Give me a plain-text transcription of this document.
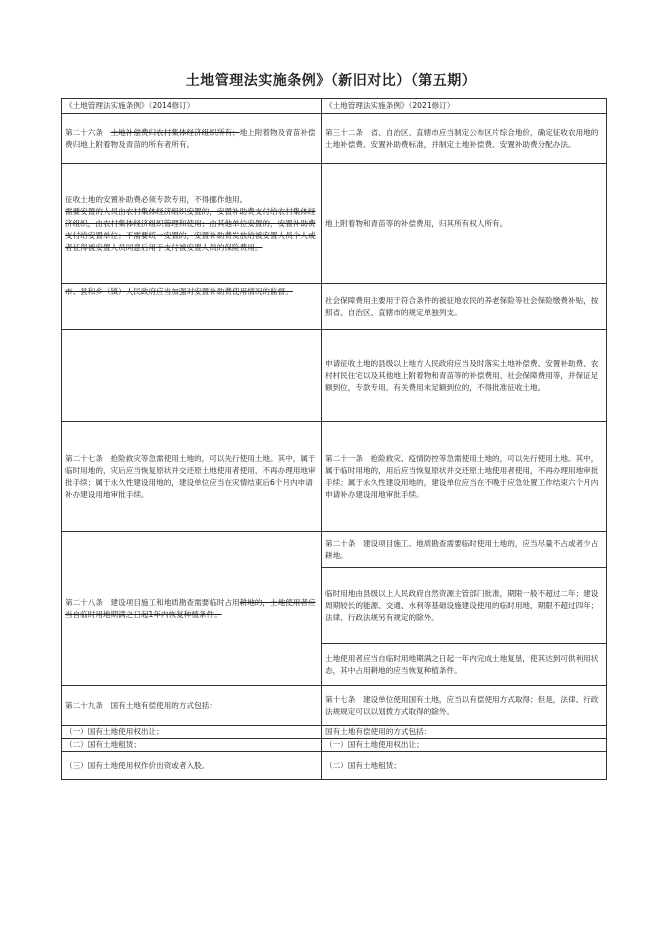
土地管理法实施条例》（新旧对比）（第五期）
《土地管理法实施条例》（2014修订）	《土地管理法实施条例》（2021修订）
第二十六条　土地补偿费归农村集体经济组织所有；地上附着物及青苗补偿费归地上附着物及青苗的所有者所有。	第三十二条　省、自治区、直辖市应当制定公布区片综合地价，确定征收农用地的土地补偿费、安置补助费标准，并制定土地补偿费、安置补助费分配办法。

征收土地的安置补助费必须专款专用，不得挪作他用。
需要安置的人员由农村集体经济组织安置的，安置补助费支付给农村集体经济组织，由农村集体经济组织管理和使用；由其他单位安置的，安置补助费支付给安置单位；不需要统一安置的，安置补助费发放给被安置人员个人或者征得被安置人员同意后用于支付被安置人员的保险费用。	地上附着物和青苗等的补偿费用，归其所有权人所有。
市、县和乡（镇）人民政府应当加强对安置补助费使用情况的监督。	社会保障费用主要用于符合条件的被征地农民的养老保险等社会保险缴费补贴，按照省、自治区、直辖市的规定单独列支。
	申请征收土地的县级以上地方人民政府应当及时落实土地补偿费、安置补助费、农村村民住宅以及其他地上附着物和青苗等的补偿费用、社会保障费用等，并保证足额到位，专款专用。有关费用未足额到位的，不得批准征收土地。
第二十七条　抢险救灾等急需使用土地的，可以先行使用土地。其中，属于临时用地的，灾后应当恢复原状并交还原土地使用者使用，不再办理用地审批手续；属于永久性建设用地的，建设单位应当在灾情结束后6个月内申请补办建设用地审批手续。	第二十一条　抢险救灾、疫情防控等急需使用土地的，可以先行使用土地。其中，属于临时用地的，用后应当恢复原状并交还原土地使用者使用，不再办理用地审批手续；属于永久性建设用地的，建设单位应当在不晚于应急处置工作结束六个月内申请补办建设用地审批手续。
第二十八条　建设项目施工和地质勘查需要临时占用耕地的，土地使用者应当自临时用地期满之日起1年内恢复种植条件。	第二十条　建设项目施工、地质勘查需要临时使用土地的，应当尽量不占或者少占耕地。
	临时用地由县级以上人民政府自然资源主管部门批准，期限一般不超过二年；建设周期较长的能源、交通、水利等基础设施建设使用的临时用地，期限不超过四年；法律、行政法规另有规定的除外。
	土地使用者应当自临时用地期满之日起一年内完成土地复垦，使其达到可供利用状态，其中占用耕地的应当恢复种植条件。
第二十九条　国有土地有偿使用的方式包括：	第十七条　建设单位使用国有土地，应当以有偿使用方式取得；但是，法律、行政法规规定可以以划拨方式取得的除外。
（一）国有土地使用权出让；	国有土地有偿使用的方式包括：
（二）国有土地租赁；	（一）国有土地使用权出让；
（三）国有土地使用权作价出资或者入股。	（二）国有土地租赁；
